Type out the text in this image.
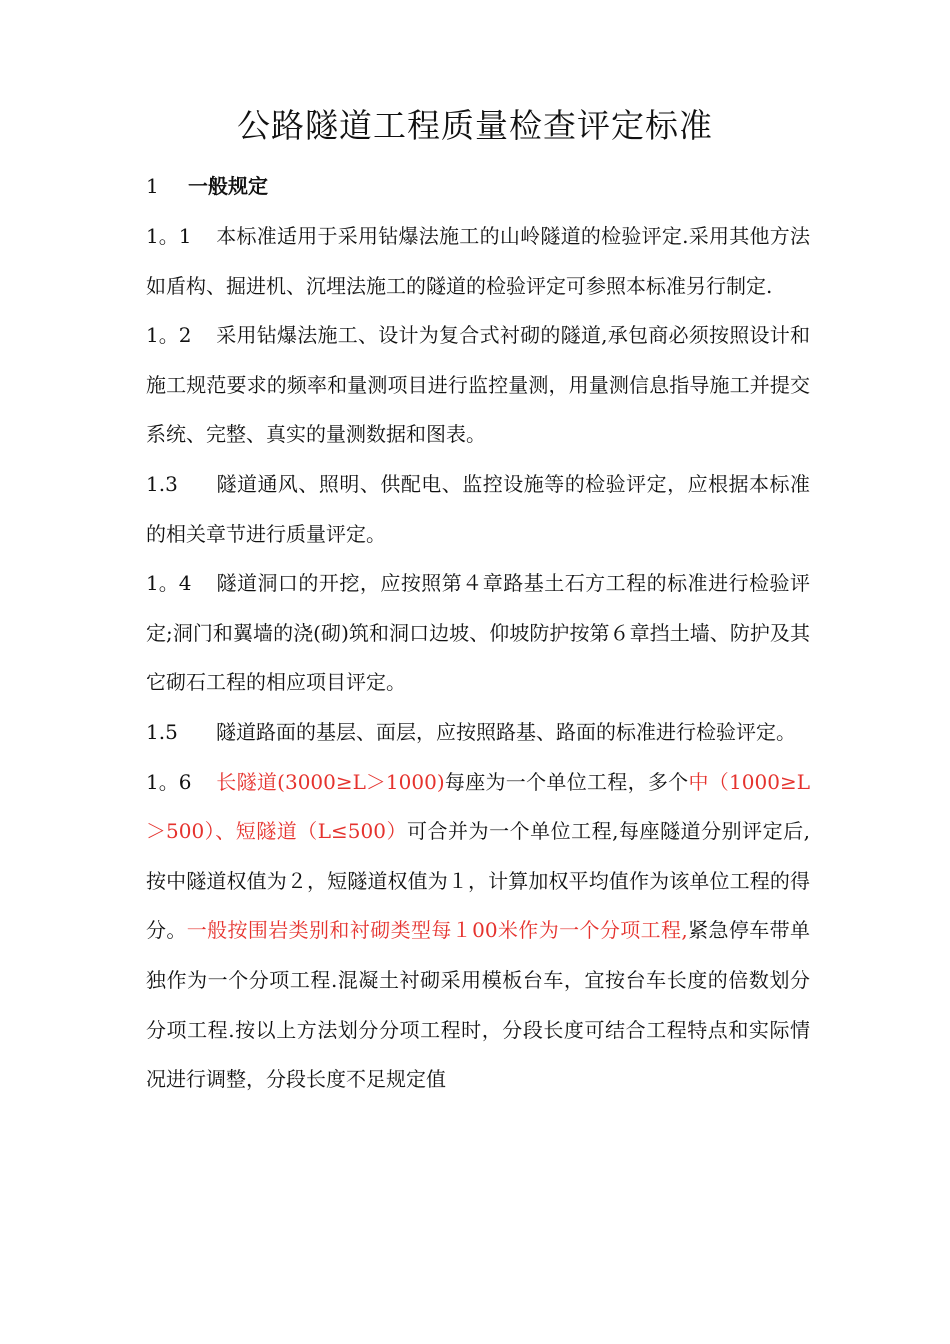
公路隧道工程质量检查评定标准
1 一般规定

1。1 本标准适用于采用钻爆法施工的山岭隧道的检验评定.采用其他方法如盾构、掘进机、沉埋法施工的隧道的检验评定可参照本标准另行制定.

1。2 采用钻爆法施工、设计为复合式衬砌的隧道,承包商必须按照设计和施工规范要求的频率和量测项目进行监控量测，用量测信息指导施工并提交系统、完整、真实的量测数据和图表。

1.3 隧道通风、照明、供配电、监控设施等的检验评定，应根据本标准的相关章节进行质量评定。

1。4 隧道洞口的开挖，应按照第４章路基土石方工程的标准进行检验评定;洞门和翼墙的浇(砌)筑和洞口边坡、仰坡防护按第６章挡土墙、防护及其它砌石工程的相应项目评定。

1.5 隧道路面的基层、面层，应按照路基、路面的标准进行检验评定。

1。6 长隧道(3000≥L＞1000)每座为一个单位工程，多个中（1000≥L＞500）、短隧道（L≤500）可合并为一个单位工程,每座隧道分别评定后,按中隧道权值为２，短隧道权值为１，计算加权平均值作为该单位工程的得分。一般按围岩类别和衬砌类型每１00米作为一个分项工程,紧急停车带单独作为一个分项工程.混凝土衬砌采用模板台车，宜按台车长度的倍数划分分项工程.按以上方法划分分项工程时，分段长度可结合工程特点和实际情况进行调整，分段长度不足规定值
